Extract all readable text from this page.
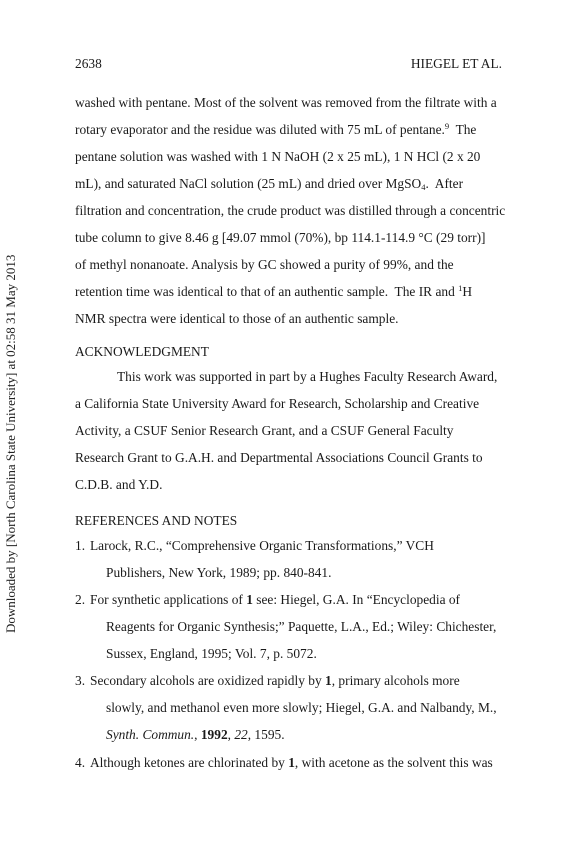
2638	HIEGEL ET AL.
Downloaded by [North Carolina State University] at 02:58 31 May 2013
washed with pentane. Most of the solvent was removed from the filtrate with a
rotary evaporator and the residue was diluted with 75 mL of pentane.$^9$  The
pentane solution was washed with 1 N NaOH (2 x 25 mL), 1 N HCl (2 x 20
mL), and saturated NaCl solution (25 mL) and dried over MgSO$_4$.  After
filtration and concentration, the crude product was distilled through a concentric
tube column to give 8.46 g [49.07 mmol (70%), bp 114.1-114.9 °C (29 torr)]
of methyl nonanoate. Analysis by GC showed a purity of 99%, and the
retention time was identical to that of an authentic sample.  The IR and $^1$H
NMR spectra were identical to those of an authentic sample.
ACKNOWLEDGMENT
This work was supported in part by a Hughes Faculty Research Award,
a California State University Award for Research, Scholarship and Creative
Activity, a CSUF Senior Research Grant, and a CSUF General Faculty
Research Grant to G.A.H. and Departmental Associations Council Grants to
C.D.B. and Y.D.
REFERENCES AND NOTES
1. Larock, R.C., “Comprehensive Organic Transformations,” VCH
Publishers, New York, 1989; pp. 840-841.
2. For synthetic applications of 1 see: Hiegel, G.A. In “Encyclopedia of
Reagents for Organic Synthesis;” Paquette, L.A., Ed.; Wiley: Chichester,
Sussex, England, 1995; Vol. 7, p. 5072.
3. Secondary alcohols are oxidized rapidly by 1, primary alcohols more
slowly, and methanol even more slowly; Hiegel, G.A. and Nalbandy, M.,
Synth. Commun., 1992, 22, 1595.
4. Although ketones are chlorinated by 1, with acetone as the solvent this was
